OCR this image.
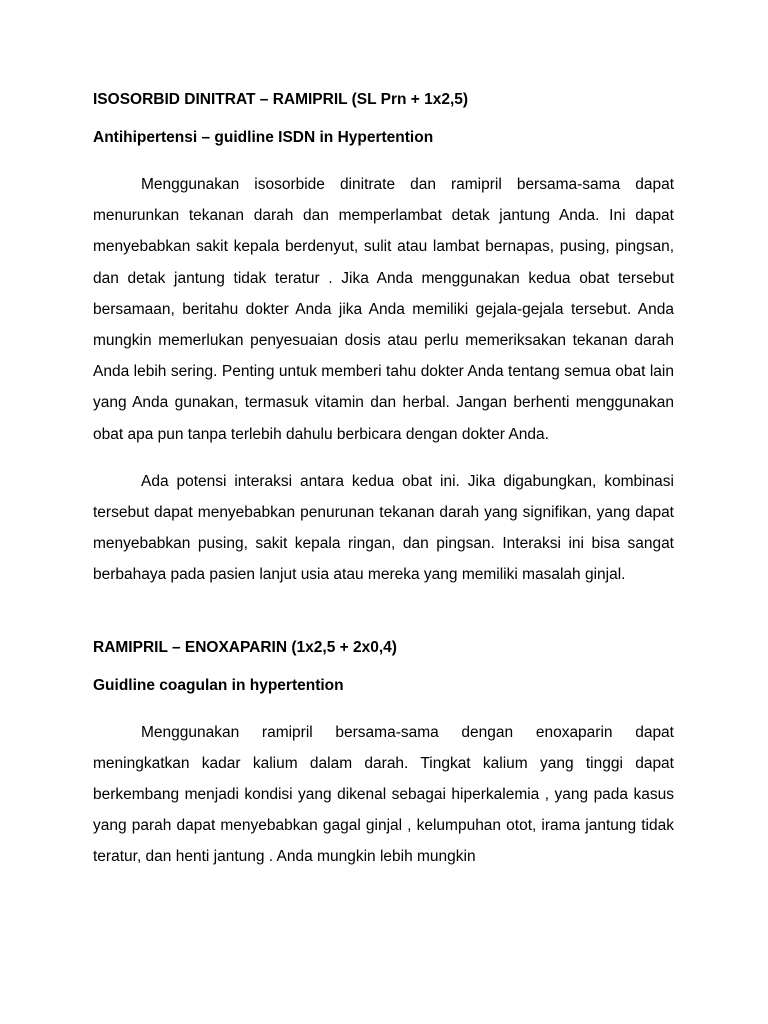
ISOSORBID DINITRAT – RAMIPRIL (SL Prn + 1x2,5)

Antihipertensi – guidline ISDN in Hypertention

Menggunakan isosorbide dinitrate dan ramipril bersama-sama dapat menurunkan tekanan darah dan memperlambat detak jantung Anda. Ini dapat menyebabkan sakit kepala berdenyut, sulit atau lambat bernapas, pusing, pingsan, dan detak jantung tidak teratur . Jika Anda menggunakan kedua obat tersebut bersamaan, beritahu dokter Anda jika Anda memiliki gejala-gejala tersebut. Anda mungkin memerlukan penyesuaian dosis atau perlu memeriksakan tekanan darah Anda lebih sering. Penting untuk memberi tahu dokter Anda tentang semua obat lain yang Anda gunakan, termasuk vitamin dan herbal. Jangan berhenti menggunakan obat apa pun tanpa terlebih dahulu berbicara dengan dokter Anda.

Ada potensi interaksi antara kedua obat ini. Jika digabungkan, kombinasi tersebut dapat menyebabkan penurunan tekanan darah yang signifikan, yang dapat menyebabkan pusing, sakit kepala ringan, dan pingsan. Interaksi ini bisa sangat berbahaya pada pasien lanjut usia atau mereka yang memiliki masalah ginjal.

RAMIPRIL – ENOXAPARIN (1x2,5 + 2x0,4)

Guidline coagulan in hypertention

Menggunakan ramipril bersama-sama dengan enoxaparin dapat meningkatkan kadar kalium dalam darah. Tingkat kalium yang tinggi dapat berkembang menjadi kondisi yang dikenal sebagai hiperkalemia , yang pada kasus yang parah dapat menyebabkan gagal ginjal , kelumpuhan otot, irama jantung tidak teratur, dan henti jantung . Anda mungkin lebih mungkin
